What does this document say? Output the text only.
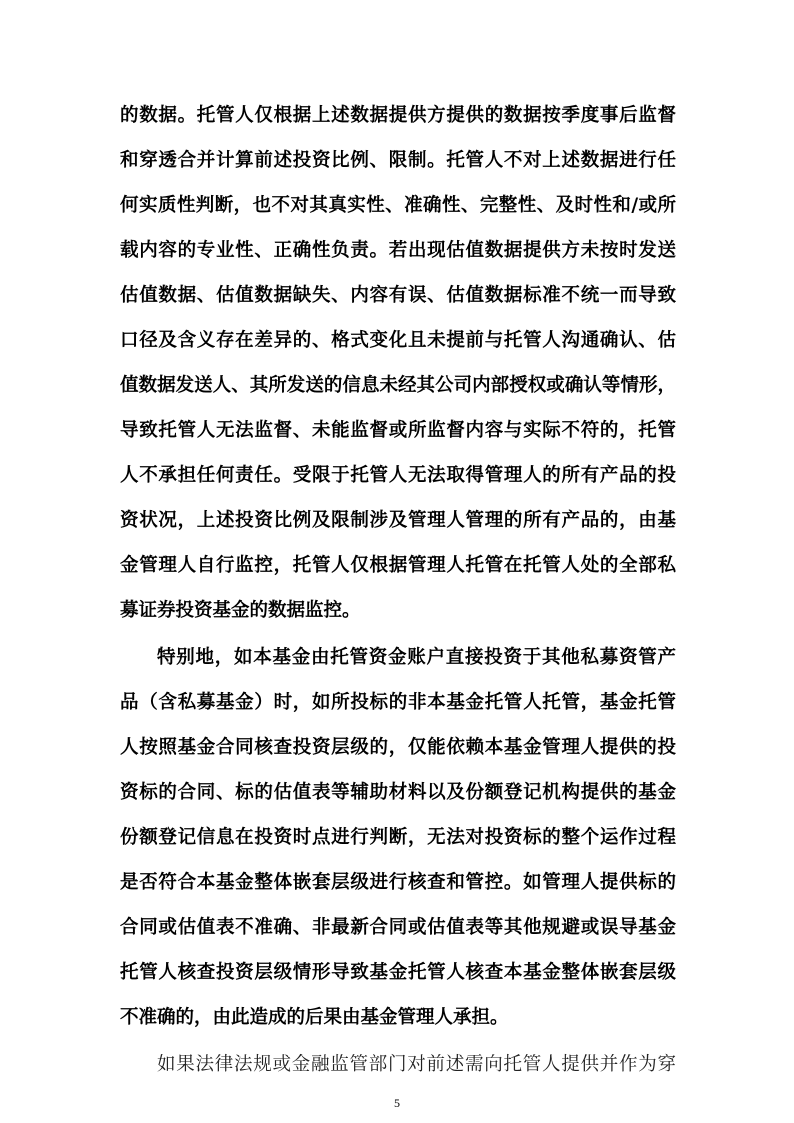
的数据。托管人仅根据上述数据提供方提供的数据按季度事后监督
和穿透合并计算前述投资比例、限制。托管人不对上述数据进行任
何实质性判断，也不对其真实性、准确性、完整性、及时性和/或所
载内容的专业性、正确性负责。若出现估值数据提供方未按时发送
估值数据、估值数据缺失、内容有误、估值数据标准不统一而导致
口径及含义存在差异的、格式变化且未提前与托管人沟通确认、估
值数据发送人、其所发送的信息未经其公司内部授权或确认等情形，
导致托管人无法监督、未能监督或所监督内容与实际不符的，托管
人不承担任何责任。受限于托管人无法取得管理人的所有产品的投
资状况，上述投资比例及限制涉及管理人管理的所有产品的，由基
金管理人自行监控，托管人仅根据管理人托管在托管人处的全部私
募证券投资基金的数据监控。
特别地，如本基金由托管资金账户直接投资于其他私募资管产
品（含私募基金）时，如所投标的非本基金托管人托管，基金托管
人按照基金合同核查投资层级的，仅能依赖本基金管理人提供的投
资标的合同、标的估值表等辅助材料以及份额登记机构提供的基金
份额登记信息在投资时点进行判断，无法对投资标的整个运作过程
是否符合本基金整体嵌套层级进行核查和管控。如管理人提供标的
合同或估值表不准确、非最新合同或估值表等其他规避或误导基金
托管人核查投资层级情形导致基金托管人核查本基金整体嵌套层级
不准确的，由此造成的后果由基金管理人承担。
如果法律法规或金融监管部门对前述需向托管人提供并作为穿
5
